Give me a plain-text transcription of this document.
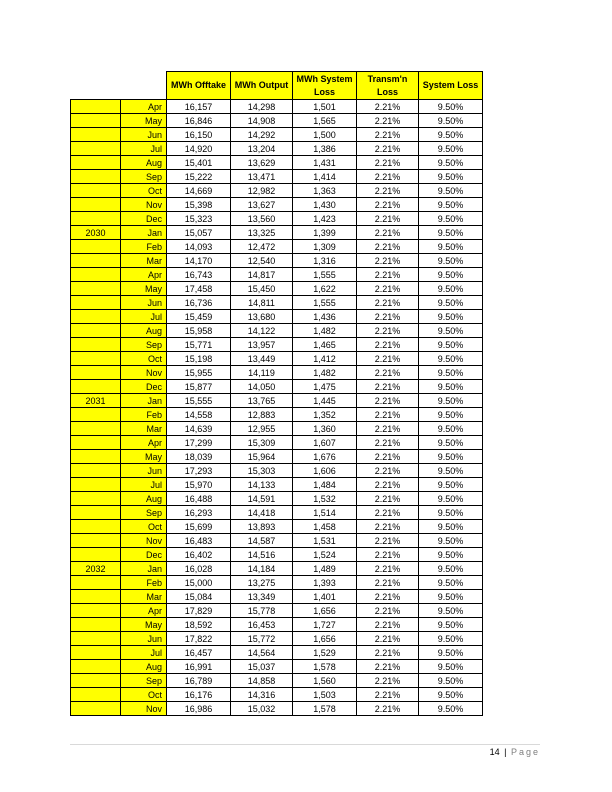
		MWh Offtake	MWh Output	MWh System Loss	Transm'n Loss	System Loss
	Apr	16,157	14,298	1,501	2.21%	9.50%
	May	16,846	14,908	1,565	2.21%	9.50%
	Jun	16,150	14,292	1,500	2.21%	9.50%
	Jul	14,920	13,204	1,386	2.21%	9.50%
	Aug	15,401	13,629	1,431	2.21%	9.50%
	Sep	15,222	13,471	1,414	2.21%	9.50%
	Oct	14,669	12,982	1,363	2.21%	9.50%
	Nov	15,398	13,627	1,430	2.21%	9.50%
	Dec	15,323	13,560	1,423	2.21%	9.50%
2030	Jan	15,057	13,325	1,399	2.21%	9.50%
	Feb	14,093	12,472	1,309	2.21%	9.50%
	Mar	14,170	12,540	1,316	2.21%	9.50%
	Apr	16,743	14,817	1,555	2.21%	9.50%
	May	17,458	15,450	1,622	2.21%	9.50%
	Jun	16,736	14,811	1,555	2.21%	9.50%
	Jul	15,459	13,680	1,436	2.21%	9.50%
	Aug	15,958	14,122	1,482	2.21%	9.50%
	Sep	15,771	13,957	1,465	2.21%	9.50%
	Oct	15,198	13,449	1,412	2.21%	9.50%
	Nov	15,955	14,119	1,482	2.21%	9.50%
	Dec	15,877	14,050	1,475	2.21%	9.50%
2031	Jan	15,555	13,765	1,445	2.21%	9.50%
	Feb	14,558	12,883	1,352	2.21%	9.50%
	Mar	14,639	12,955	1,360	2.21%	9.50%
	Apr	17,299	15,309	1,607	2.21%	9.50%
	May	18,039	15,964	1,676	2.21%	9.50%
	Jun	17,293	15,303	1,606	2.21%	9.50%
	Jul	15,970	14,133	1,484	2.21%	9.50%
	Aug	16,488	14,591	1,532	2.21%	9.50%
	Sep	16,293	14,418	1,514	2.21%	9.50%
	Oct	15,699	13,893	1,458	2.21%	9.50%
	Nov	16,483	14,587	1,531	2.21%	9.50%
	Dec	16,402	14,516	1,524	2.21%	9.50%
2032	Jan	16,028	14,184	1,489	2.21%	9.50%
	Feb	15,000	13,275	1,393	2.21%	9.50%
	Mar	15,084	13,349	1,401	2.21%	9.50%
	Apr	17,829	15,778	1,656	2.21%	9.50%
	May	18,592	16,453	1,727	2.21%	9.50%
	Jun	17,822	15,772	1,656	2.21%	9.50%
	Jul	16,457	14,564	1,529	2.21%	9.50%
	Aug	16,991	15,037	1,578	2.21%	9.50%
	Sep	16,789	14,858	1,560	2.21%	9.50%
	Oct	16,176	14,316	1,503	2.21%	9.50%
	Nov	16,986	15,032	1,578	2.21%	9.50%
14 | Page
